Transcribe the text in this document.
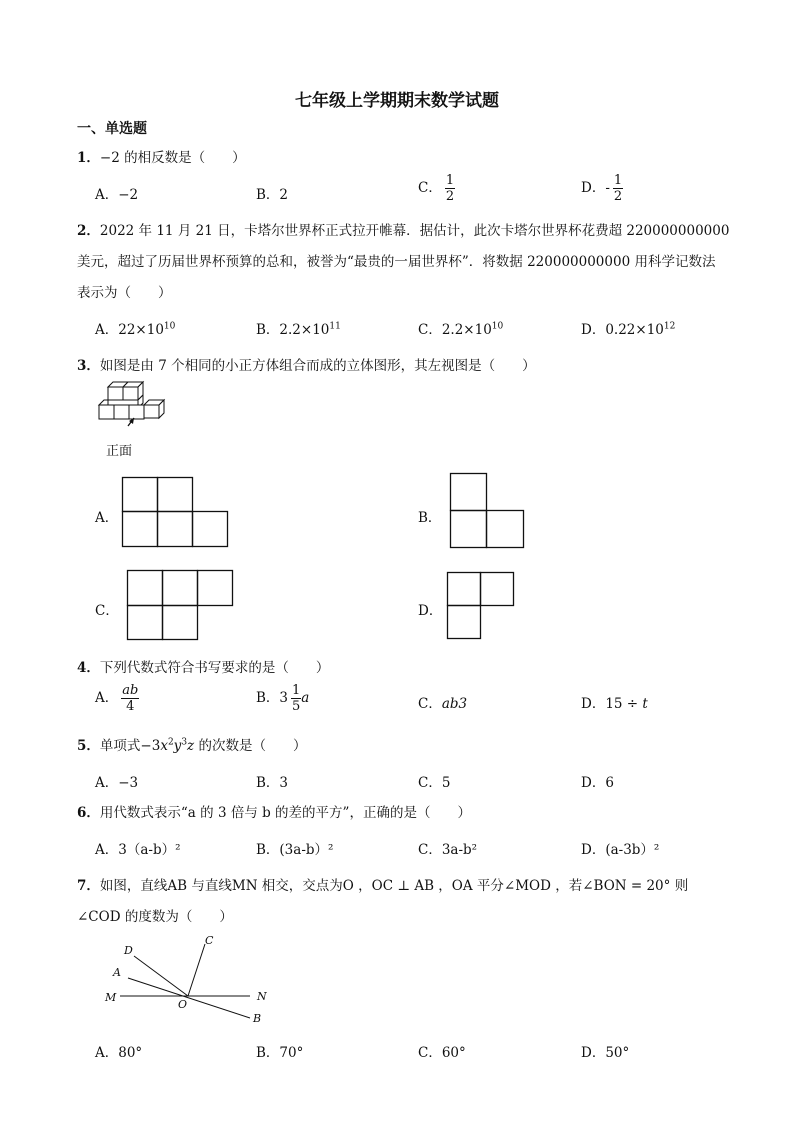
七年级上学期期末数学试题
一、单选题
1．−2 的相反数是（　　）
A．−2	B．2	C． $\frac{1}{2}$	D．- $\frac{1}{2}$
2．2022 年 11 月 21 日，卡塔尔世界杯正式拉开帷幕．据估计，此次卡塔尔世界杯花费超 220000000000
美元，超过了历届世界杯预算的总和，被誉为“最贵的一届世界杯”．将数据 220000000000 用科学记数法
表示为（　　）
A．$22\times 10^{10}$	B．$2.2\times 10^{11}$	C．$2.2\times 10^{10}$	D．$0.22\times 10^{12}$
3．如图是由 7 个相同的小正方体组合而成的立体图形，其左视图是（　　）
正面
A．	B．
C．	D．
4．下列代数式符合书写要求的是（　　）
A． $\frac{ab}{4}$	B．$3 \frac{1}{5}$ a	C．ab3	D．15 ÷ t
5．单项式$-3x^2y^3z$ 的次数是（　　）
A．−3	B．3	C．5	D．6
6．用代数式表示“a 的 3 倍与 b 的差的平方”，正确的是（　　）
A．3（a-b）²	B．(3a-b）²	C．3a-b²	D．(a-3b）²
7．如图，直线AB 与直线MN 相交，交点为O ，OC ⊥ AB ，OA 平分∠MOD ，若∠BON = 20° 则
∠COD 的度数为（　　）
D
C
A
M
O
N
B
A．80°	B．70°	C．60°	D．50°
